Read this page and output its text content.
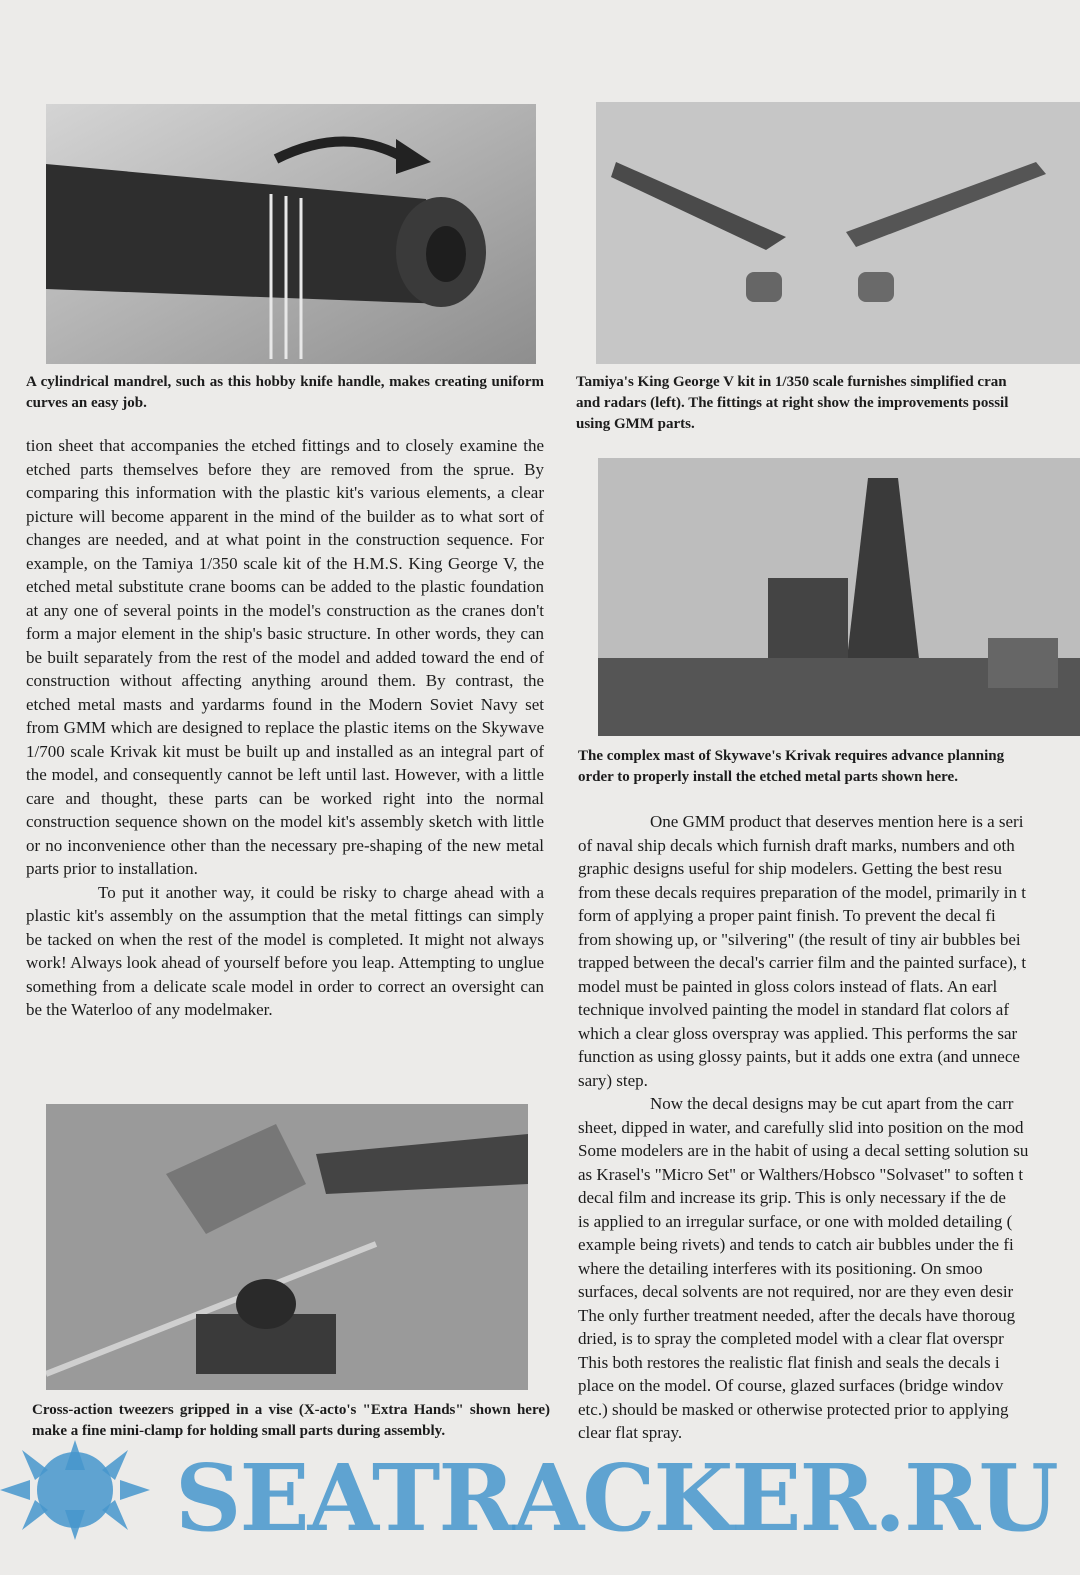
A cylindrical mandrel, such as this hobby knife handle, makes creating uniform curves an easy job.

Tamiya's King George V kit in 1/350 scale furnishes simplified cran
and radars (left). The fittings at right show the improvements possil
using GMM parts.
The complex mast of Skywave's Krivak requires advance planning
order to properly install the etched metal parts shown here.

tion sheet that accompanies the etched fittings and to closely examine the etched parts themselves before they are removed from the sprue. By comparing this information with the plastic kit's various elements, a clear picture will become apparent in the mind of the builder as to what sort of changes are needed, and at what point in the construction sequence. For example, on the Tamiya 1/350 scale kit of the H.M.S. King George V, the etched metal substitute crane booms can be added to the plastic foundation at any one of several points in the model's construction as the cranes don't form a major element in the ship's basic structure. In other words, they can be built separately from the rest of the model and added toward the end of construction without affecting anything around them. By contrast, the etched metal masts and yardarms found in the Modern Soviet Navy set from GMM which are designed to replace the plastic items on the Skywave 1/700 scale Krivak kit must be built up and installed as an integral part of the model, and consequently cannot be left until last. However, with a little care and thought, these parts can be worked right into the normal construction sequence shown on the model kit's assembly sketch with little or no inconvenience other than the necessary pre-shaping of the new metal parts prior to installation.

To put it another way, it could be risky to charge ahead with a plastic kit's assembly on the assumption that the metal fittings can simply be tacked on when the rest of the model is completed. It might not always work! Always look ahead of yourself before you leap. Attempting to unglue something from a delicate scale model in order to correct an oversight can be the Waterloo of any modelmaker.

Cross-action tweezers gripped in a vise (X-acto's "Extra Hands" shown here) make a fine mini-clamp for holding small parts during assembly.

One GMM product that deserves mention here is a seri
of naval ship decals which furnish draft marks, numbers and oth
graphic designs useful for ship modelers. Getting the best resu
from these decals requires preparation of the model, primarily in t
form of applying a proper paint finish. To prevent the decal fi
from showing up, or "silvering" (the result of tiny air bubbles bei
trapped between the decal's carrier film and the painted surface), t
model must be painted in gloss colors instead of flats. An earl
technique involved painting the model in standard flat colors af
which a clear gloss overspray was applied. This performs the sar
function as using glossy paints, but it adds one extra (and unnece
sary) step.
Now the decal designs may be cut apart from the carr
sheet, dipped in water, and carefully slid into position on the mod
Some modelers are in the habit of using a decal setting solution su
as Krasel's "Micro Set" or Walthers/Hobsco "Solvaset" to soften t
decal film and increase its grip. This is only necessary if the de
is applied to an irregular surface, or one with molded detailing (
example being rivets) and tends to catch air bubbles under the fi
where the detailing interferes with its positioning. On smoo
surfaces, decal solvents are not required, nor are they even desir
The only further treatment needed, after the decals have thoroug
dried, is to spray the completed model with a clear flat overspr
This both restores the realistic flat finish and seals the decals i
place on the model. Of course, glazed surfaces (bridge windov
etc.) should be masked or otherwise protected prior to applying
clear flat spray.
SEATRACKER.RU
